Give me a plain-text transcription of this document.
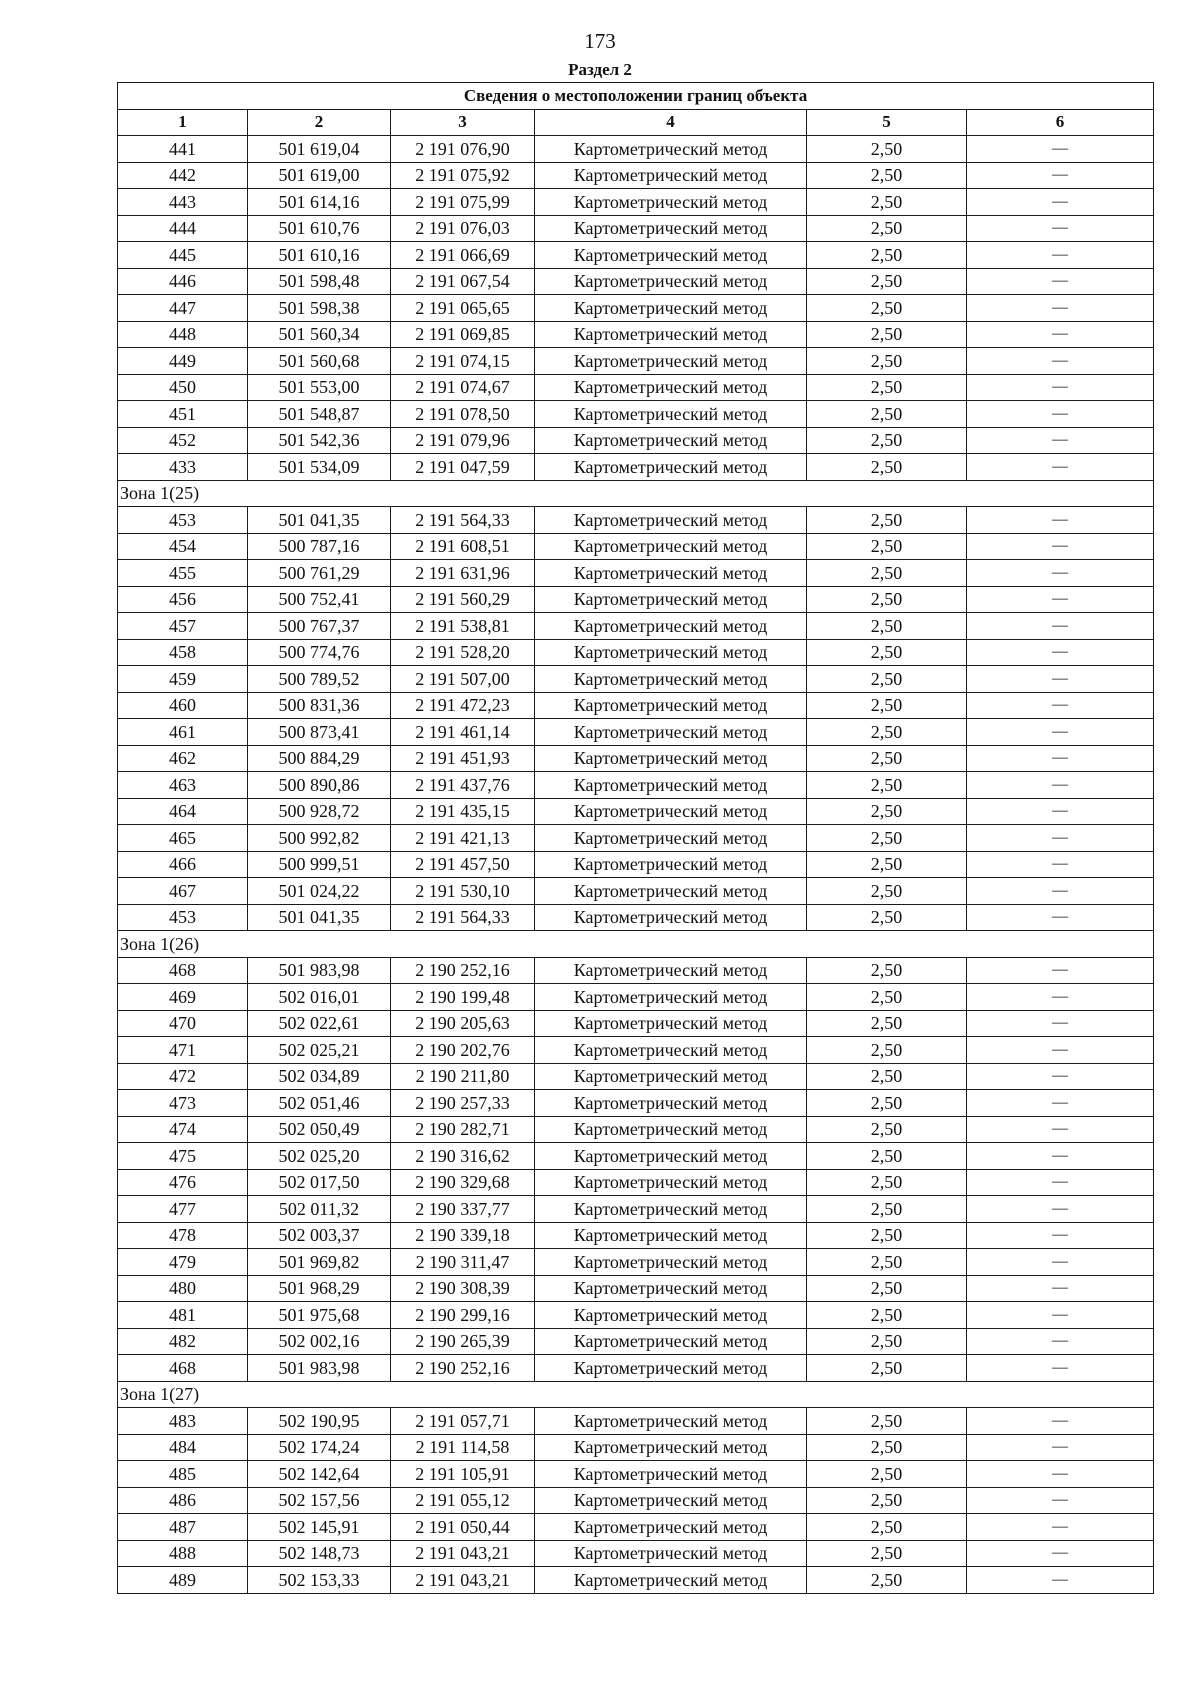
173
Раздел 2
Сведения о местоположении границ объекта					
1	2	3	4	5	6
441	501 619,04	2 191 076,90	Картометрический метод	2,50	—
442	501 619,00	2 191 075,92	Картометрический метод	2,50	—
443	501 614,16	2 191 075,99	Картометрический метод	2,50	—
444	501 610,76	2 191 076,03	Картометрический метод	2,50	—
445	501 610,16	2 191 066,69	Картометрический метод	2,50	—
446	501 598,48	2 191 067,54	Картометрический метод	2,50	—
447	501 598,38	2 191 065,65	Картометрический метод	2,50	—
448	501 560,34	2 191 069,85	Картометрический метод	2,50	—
449	501 560,68	2 191 074,15	Картометрический метод	2,50	—
450	501 553,00	2 191 074,67	Картометрический метод	2,50	—
451	501 548,87	2 191 078,50	Картометрический метод	2,50	—
452	501 542,36	2 191 079,96	Картометрический метод	2,50	—
433	501 534,09	2 191 047,59	Картометрический метод	2,50	—
Зона 1(25)					
453	501 041,35	2 191 564,33	Картометрический метод	2,50	—
454	500 787,16	2 191 608,51	Картометрический метод	2,50	—
455	500 761,29	2 191 631,96	Картометрический метод	2,50	—
456	500 752,41	2 191 560,29	Картометрический метод	2,50	—
457	500 767,37	2 191 538,81	Картометрический метод	2,50	—
458	500 774,76	2 191 528,20	Картометрический метод	2,50	—
459	500 789,52	2 191 507,00	Картометрический метод	2,50	—
460	500 831,36	2 191 472,23	Картометрический метод	2,50	—
461	500 873,41	2 191 461,14	Картометрический метод	2,50	—
462	500 884,29	2 191 451,93	Картометрический метод	2,50	—
463	500 890,86	2 191 437,76	Картометрический метод	2,50	—
464	500 928,72	2 191 435,15	Картометрический метод	2,50	—
465	500 992,82	2 191 421,13	Картометрический метод	2,50	—
466	500 999,51	2 191 457,50	Картометрический метод	2,50	—
467	501 024,22	2 191 530,10	Картометрический метод	2,50	—
453	501 041,35	2 191 564,33	Картометрический метод	2,50	—
Зона 1(26)					
468	501 983,98	2 190 252,16	Картометрический метод	2,50	—
469	502 016,01	2 190 199,48	Картометрический метод	2,50	—
470	502 022,61	2 190 205,63	Картометрический метод	2,50	—
471	502 025,21	2 190 202,76	Картометрический метод	2,50	—
472	502 034,89	2 190 211,80	Картометрический метод	2,50	—
473	502 051,46	2 190 257,33	Картометрический метод	2,50	—
474	502 050,49	2 190 282,71	Картометрический метод	2,50	—
475	502 025,20	2 190 316,62	Картометрический метод	2,50	—
476	502 017,50	2 190 329,68	Картометрический метод	2,50	—
477	502 011,32	2 190 337,77	Картометрический метод	2,50	—
478	502 003,37	2 190 339,18	Картометрический метод	2,50	—
479	501 969,82	2 190 311,47	Картометрический метод	2,50	—
480	501 968,29	2 190 308,39	Картометрический метод	2,50	—
481	501 975,68	2 190 299,16	Картометрический метод	2,50	—
482	502 002,16	2 190 265,39	Картометрический метод	2,50	—
468	501 983,98	2 190 252,16	Картометрический метод	2,50	—
Зона 1(27)					
483	502 190,95	2 191 057,71	Картометрический метод	2,50	—
484	502 174,24	2 191 114,58	Картометрический метод	2,50	—
485	502 142,64	2 191 105,91	Картометрический метод	2,50	—
486	502 157,56	2 191 055,12	Картометрический метод	2,50	—
487	502 145,91	2 191 050,44	Картометрический метод	2,50	—
488	502 148,73	2 191 043,21	Картометрический метод	2,50	—
489	502 153,33	2 191 043,21	Картометрический метод	2,50	—
